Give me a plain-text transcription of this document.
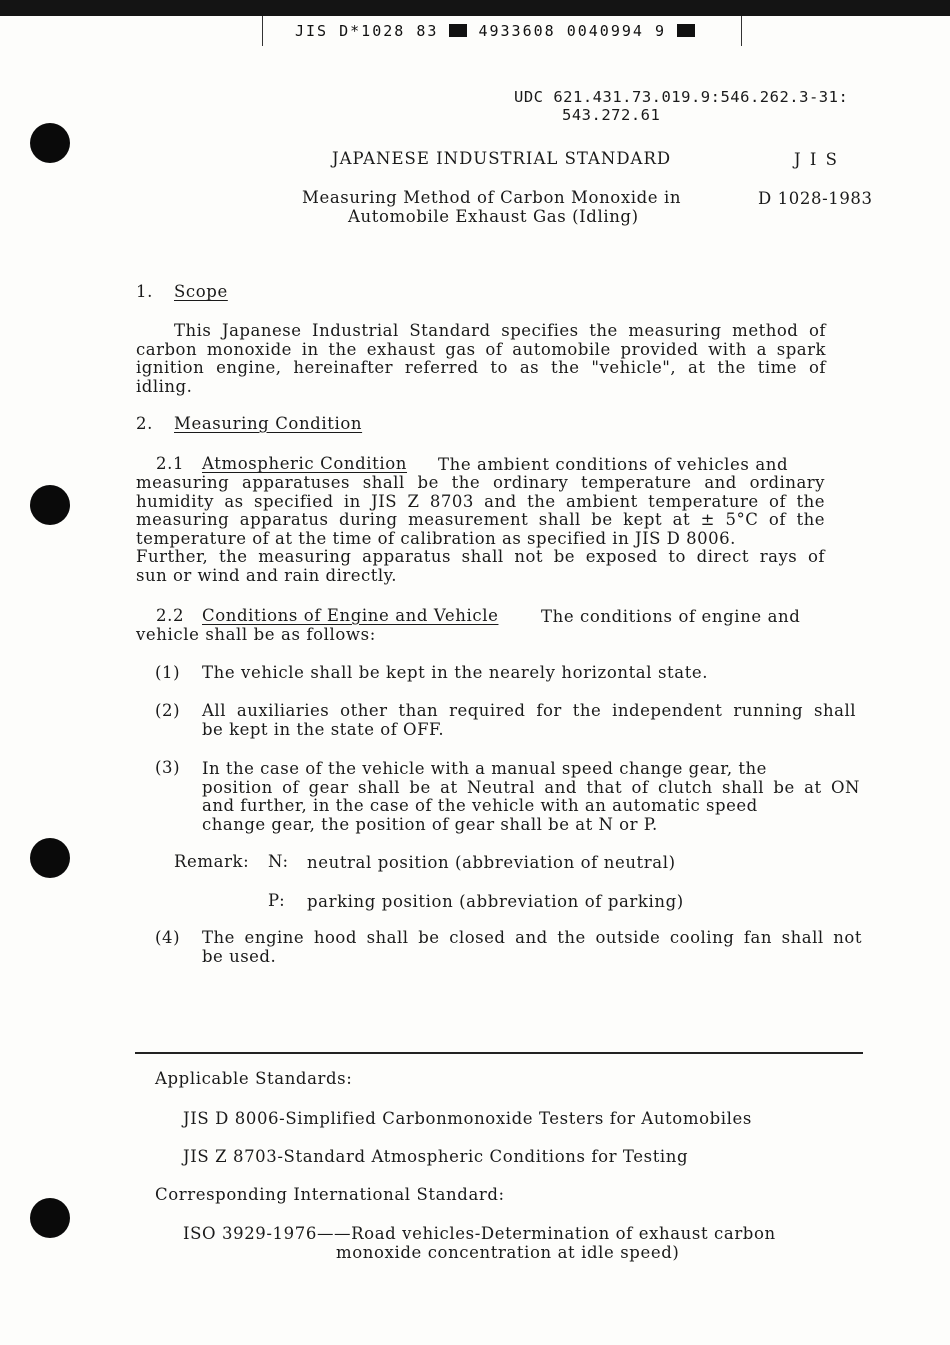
JIS D*1028 83	4933608 0040994 9
UDC 621.431.73.019.9:546.262.3-31:
543.272.61
JAPANESE INDUSTRIAL STANDARD	J I S
Measuring Method of Carbon Monoxide in
Automobile Exhaust Gas (Idling)
D 1028-1983
1. Scope
This Japanese Industrial Standard specifies the measuring method of
carbon monoxide in the exhaust gas of automobile provided with a spark
ignition engine, hereinafter referred to as the "vehicle", at the time of
idling.
2. Measuring Condition
2.1 Atmospheric Condition The ambient conditions of vehicles and
measuring apparatuses shall be the ordinary temperature and ordinary
humidity as specified in JIS Z 8703 and the ambient temperature of the
measuring apparatus during measurement shall be kept at ± 5°C of the
temperature of at the time of calibration as specified in JIS D 8006.
Further, the measuring apparatus shall not be exposed to direct rays of
sun or wind and rain directly.
2.2 Conditions of Engine and Vehicle	The conditions of engine and
vehicle shall be as follows:
(1) The vehicle shall be kept in the nearely horizontal state.
(2) All auxiliaries other than required for the independent running shall
be kept in the state of OFF.
(3) In the case of the vehicle with a manual speed change gear, the
position of gear shall be at Neutral and that of clutch shall be at ON
and further, in the case of the vehicle with an automatic speed
change gear, the position of gear shall be at N or P.
Remark: N: neutral position (abbreviation of neutral)
P: parking position (abbreviation of parking)
(4) The engine hood shall be closed and the outside cooling fan shall not
be used.
Applicable Standards:
JIS D 8006-Simplified Carbonmonoxide Testers for Automobiles
JIS Z 8703-Standard Atmospheric Conditions for Testing
Corresponding International Standard:
ISO 3929-1976——Road vehicles-Determination of exhaust carbon
monoxide concentration at idle speed)
